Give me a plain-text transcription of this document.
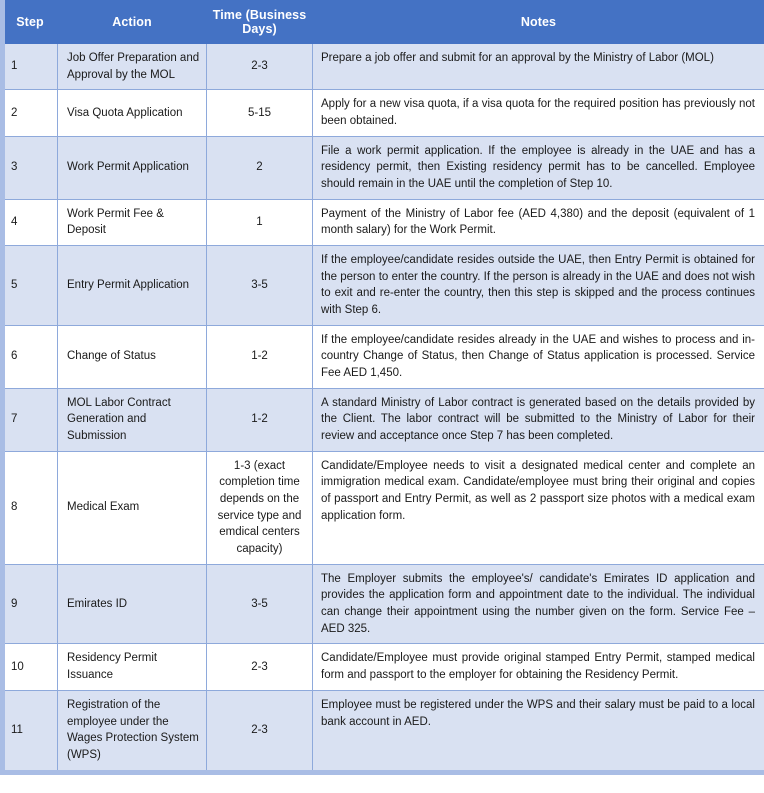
Step	Action	Time (Business Days)	Notes
1	Job Offer Preparation and Approval by the MOL	2-3	Prepare a job offer and submit for an approval by the Ministry of Labor (MOL)
2	Visa Quota Application	5-15	Apply for a new visa quota, if a visa quota for the required position has previously not been obtained.
3	Work Permit Application	2	File a work permit application. If the employee is already in the UAE and has a residency permit, then Existing residency permit has to be cancelled. Employee should remain in the UAE until the completion of Step 10.
4	Work Permit Fee & Deposit	1	Payment of the Ministry of Labor fee (AED 4,380) and the deposit (equivalent of 1 month salary) for the Work Permit.
5	Entry Permit Application	3-5	If the employee/candidate resides outside the UAE, then Entry Permit is obtained for the person to enter the country. If the person is already in the UAE and does not wish to exit and re-enter the country, then this step is skipped and the process continues with Step 6.
6	Change of Status	1-2	If the employee/candidate resides already in the UAE and wishes to process and in-country Change of Status, then Change of Status application is processed. Service Fee AED 1,450.
7	MOL Labor Contract Generation and Submission	1-2	A standard Ministry of Labor contract is generated based on the details provided by the Client. The labor contract will be submitted to the Ministry of Labor for their review and acceptance once Step 7 has been completed.
8	Medical Exam	1-3 (exact completion time depends on the service type and emdical centers capacity)	Candidate/Employee needs to visit a designated medical center and complete an immigration medical exam. Candidate/employee must bring their original and copies of passport and Entry Permit, as well as 2 passport size photos with a medical exam application form.
9	Emirates ID	3-5	The Employer submits the employee's/ candidate's Emirates ID application and provides the application form and appointment date to the individual. The individual can change their appointment using the number given on the form. Service Fee – AED 325.
10	Residency Permit Issuance	2-3	Candidate/Employee must provide original stamped Entry Permit, stamped medical form and passport to the employer for obtaining the Residency Permit.
11	Registration of the employee under the Wages Protection System (WPS)	2-3	Employee must be registered under the WPS and their salary must be paid to a local bank account in AED.
